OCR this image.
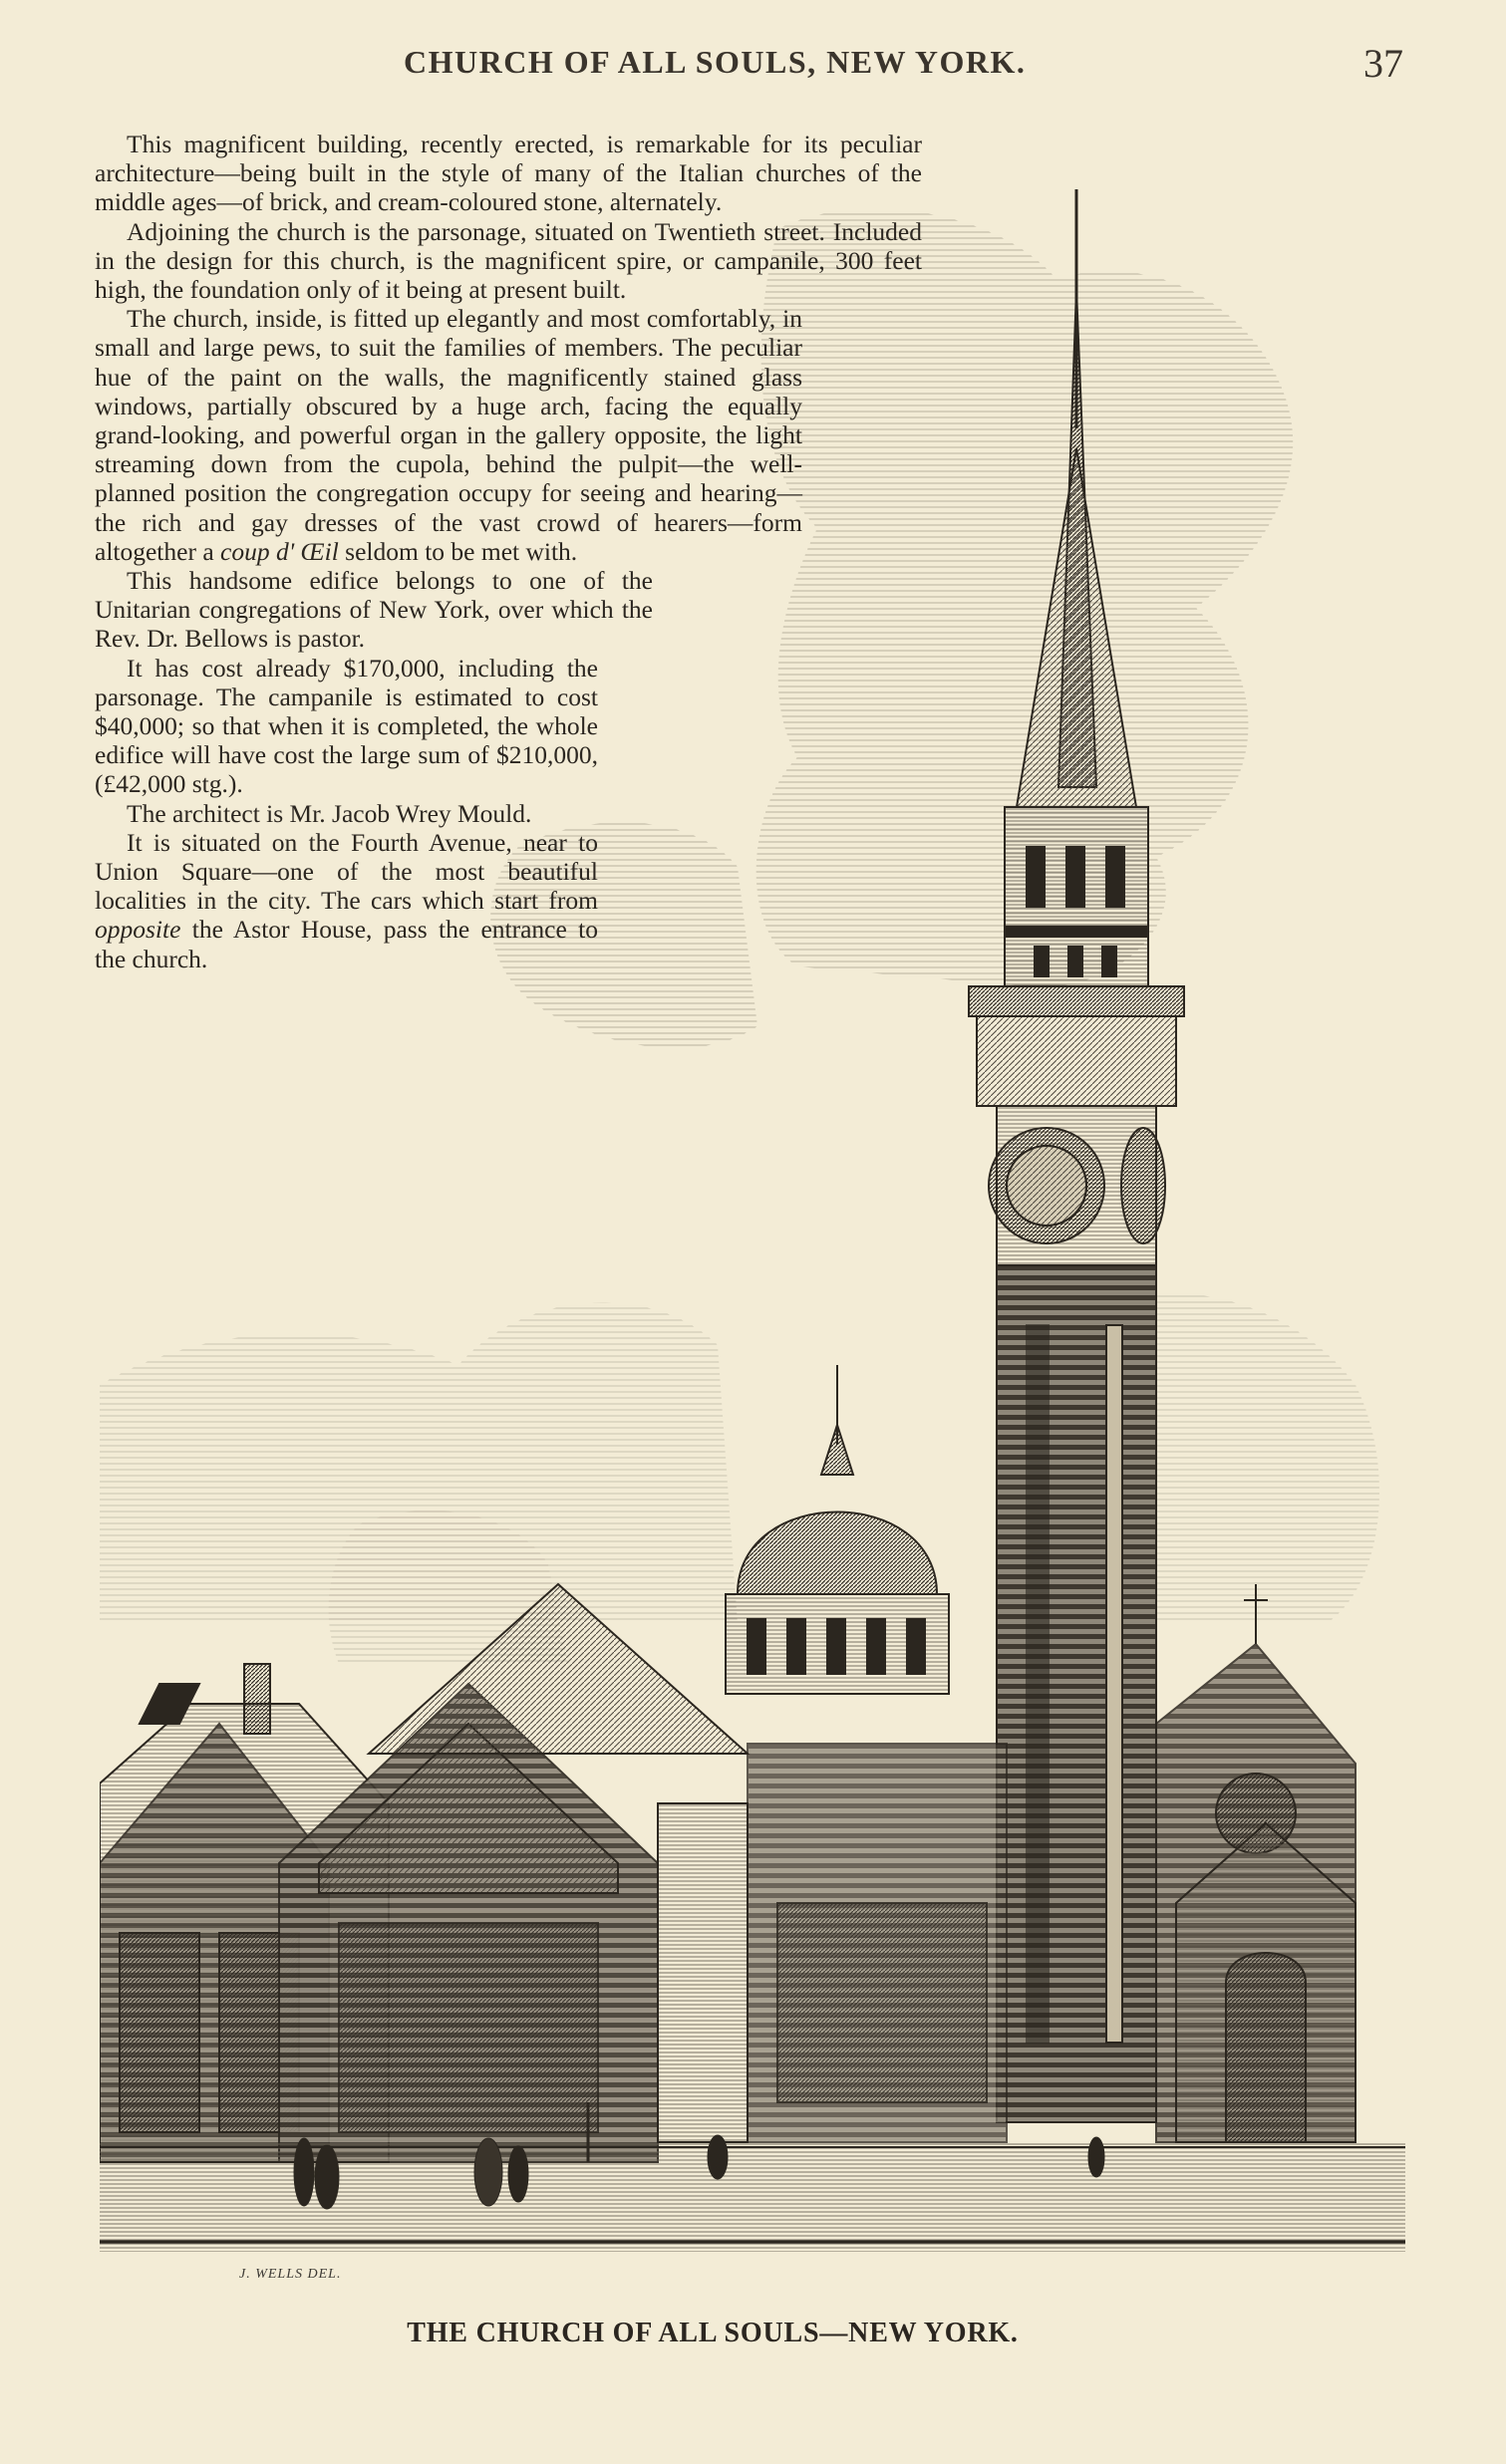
CHURCH OF ALL SOULS, NEW YORK.	37

This magnificent building, recently erected, is remarkable for its peculiar architecture—being built in the style of many of the Italian churches of the middle ages—of brick, and cream-coloured stone, alternately.

Adjoining the church is the parsonage, situated on Twentieth street. Included in the design for this church, is the magnificent spire, or campanile, 300 feet high, the foundation only of it being at present built.

The church, inside, is fitted up elegantly and most comfortably, in small and large pews, to suit the families of members. The peculiar hue of the paint on the walls, the magnificently stained glass windows, partially obscured by a huge arch, facing the equally grand-looking, and powerful organ in the gallery opposite, the light streaming down from the cupola, behind the pulpit—the well-planned position the congregation occupy for seeing and hearing—the rich and gay dresses of the vast crowd of hearers—form altogether a coup d' Œil seldom to be met with.

This handsome edifice belongs to one of the Unitarian congregations of New York, over which the Rev. Dr. Bellows is pastor.

It has cost already $170,000, including the parsonage. The campanile is estimated to cost $40,000; so that when it is completed, the whole edifice will have cost the large sum of $210,000, (£42,000 stg.).

The architect is Mr. Jacob Wrey Mould.

It is situated on the Fourth Avenue, near to Union Square—one of the most beautiful localities in the city. The cars which start from opposite the Astor House, pass the entrance to the church.

J. WELLS DEL.
THE CHURCH OF ALL SOULS—NEW YORK.
